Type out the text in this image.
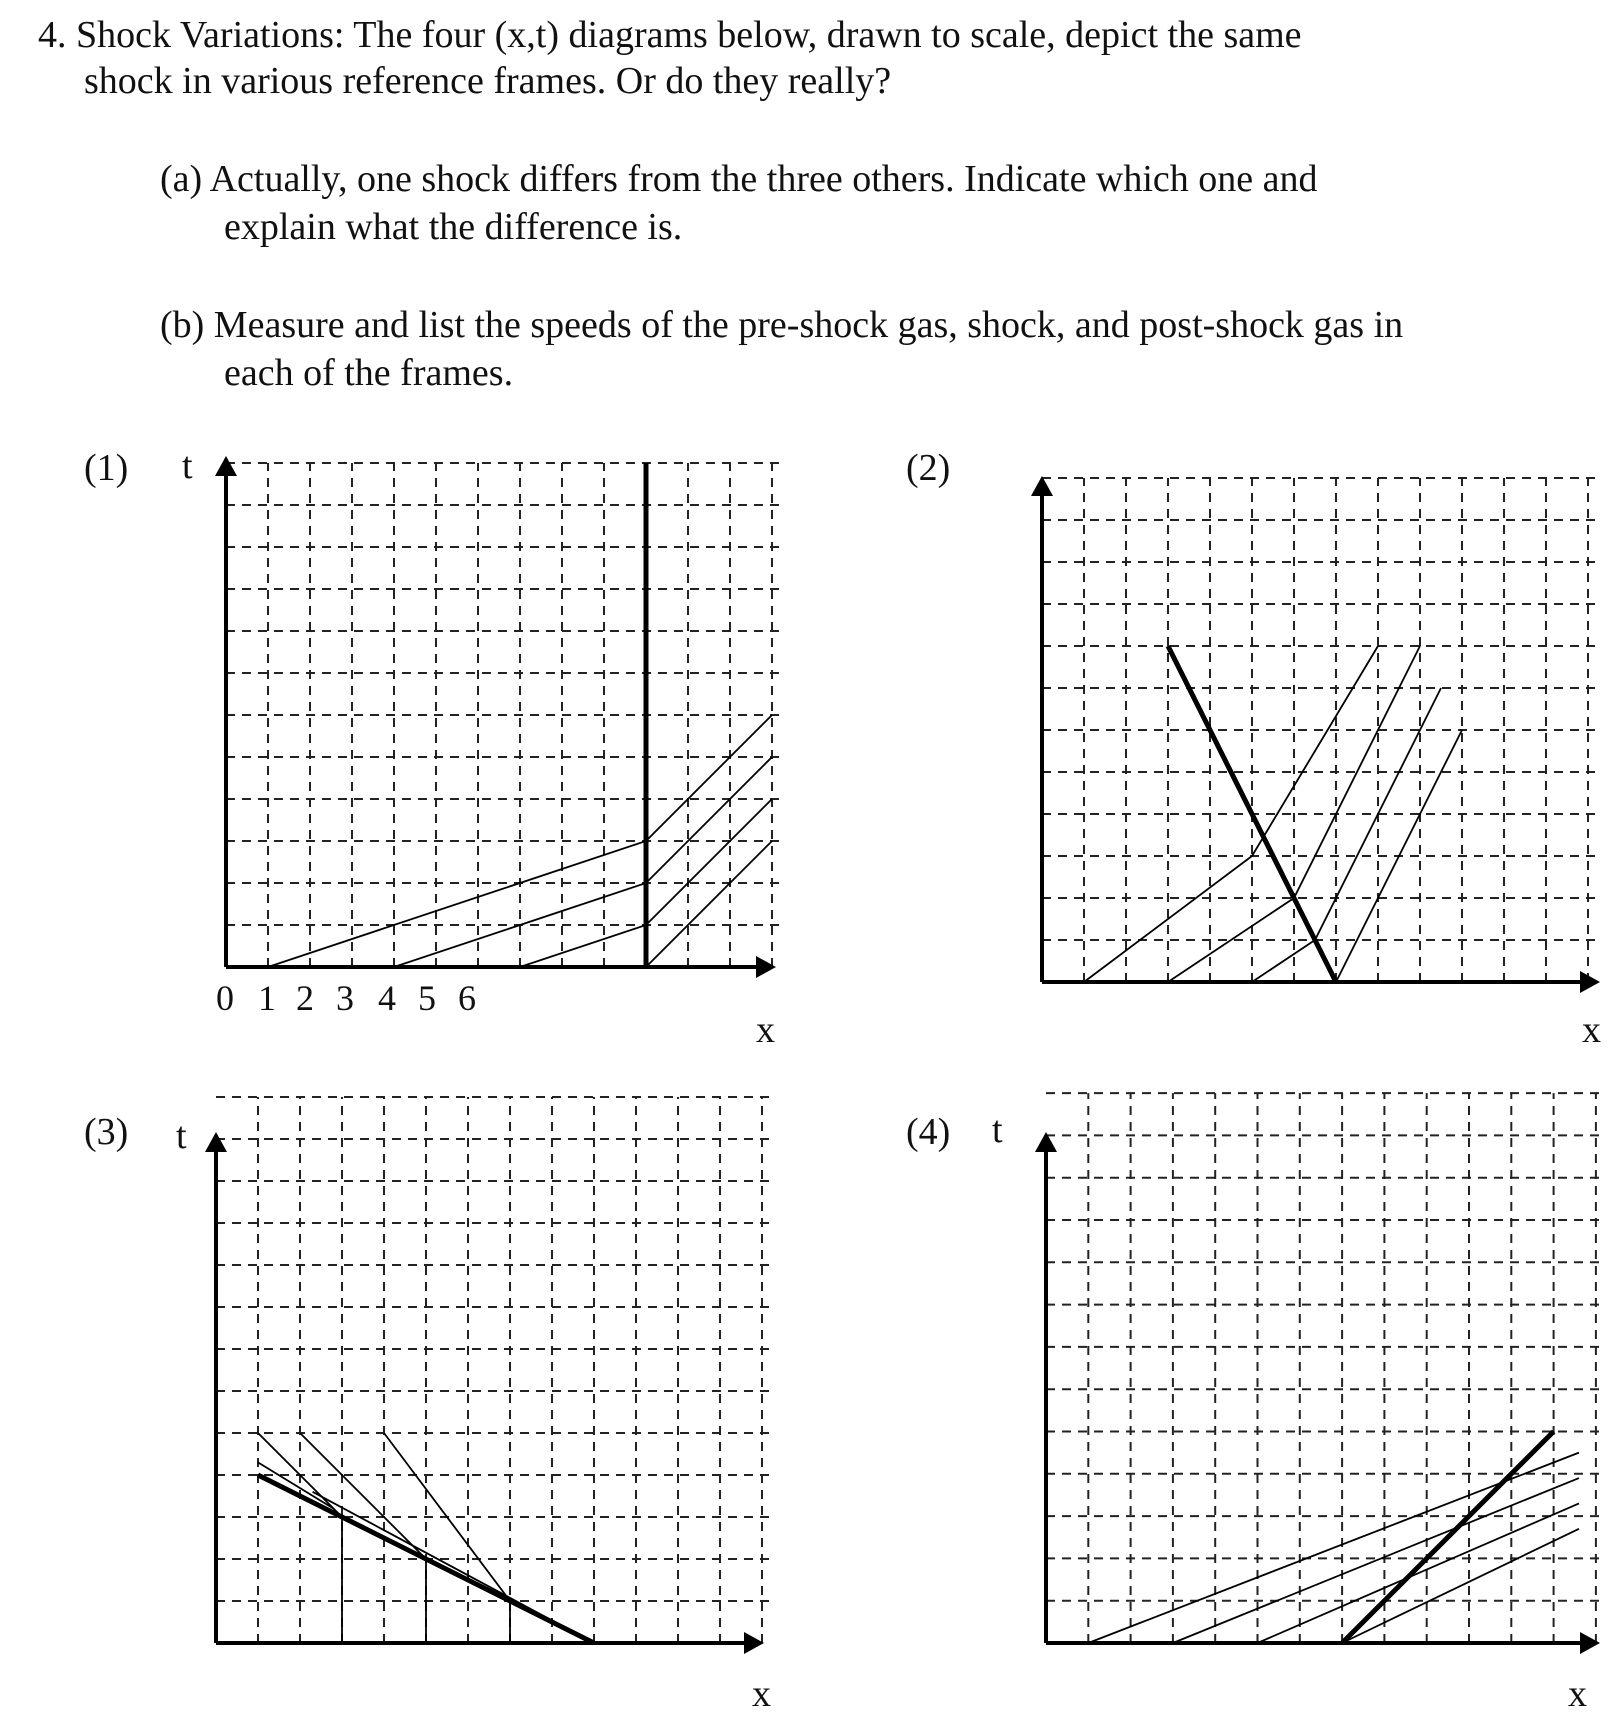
4. Shock Variations: The four (x,t) diagrams below, drawn to scale, depict the same
shock in various reference frames. Or do they really?
(a) Actually, one shock differs from the three others. Indicate which one and
explain what the difference is.
(b) Measure and list the speeds of the pre-shock gas, shock, and post-shock gas in
each of the frames.
(1)	(2)
(3)	(4)
t
x	x
t
x
t
x
0 1 2 3 4 5 6
